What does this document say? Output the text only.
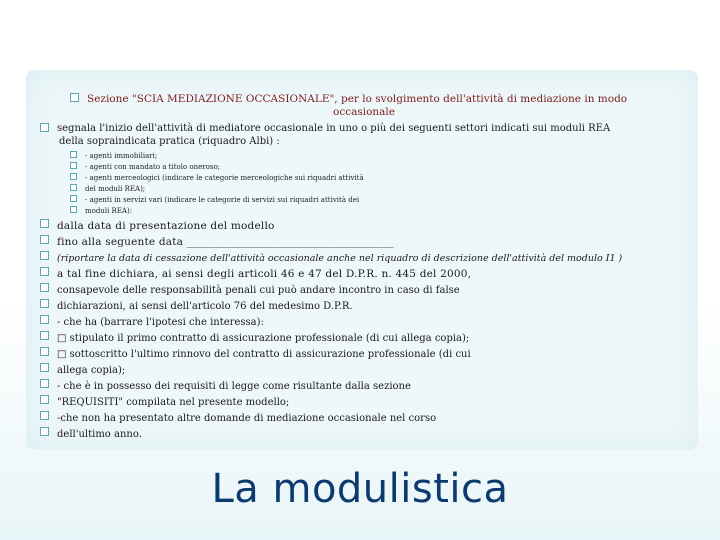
Sezione "SCIA MEDIAZIONE OCCASIONALE", per lo svolgimento dell'attività di mediazione in modo
occasionale
segnala l'inizio dell'attività di mediatore occasionale in uno o più dei seguenti settori indicati sui moduli REA
della sopraindicata pratica (riquadro Albi) :
- agenti immobiliari;
- agenti con mandato a titolo oneroso;
- agenti merceologici (indicare le categorie merceologiche sui riquadri attività
del moduli REA);
- agenti in servizi vari (indicare le categorie di servizi sui riquadri attività dei
moduli REA):
dalla data di presentazione del modello
fino alla seguente data ______________________________________
(riportare la data di cessazione dell'attività occasionale anche nel riquadro di descrizione dell'attività del modulo I1 )
a tal fine dichiara, ai sensi degli articoli 46 e 47 del D.P.R. n. 445 del 2000,
consapevole delle responsabilità penali cui può andare incontro in caso di false
dichiarazioni, ai sensi dell'articolo 76 del medesimo D.P.R.
- che ha (barrare l'ipotesi che interessa):
□ stipulato il primo contratto di assicurazione professionale (di cui allega copia);
□ sottoscritto l'ultimo rinnovo del contratto di assicurazione professionale (di cui
allega copia);
- che è in possesso dei requisiti di legge come risultante dalla sezione
"REQUISITI" compilata nel presente modello;
-che non ha presentato altre domande di mediazione occasionale nel corso
dell'ultimo anno.
La modulistica
